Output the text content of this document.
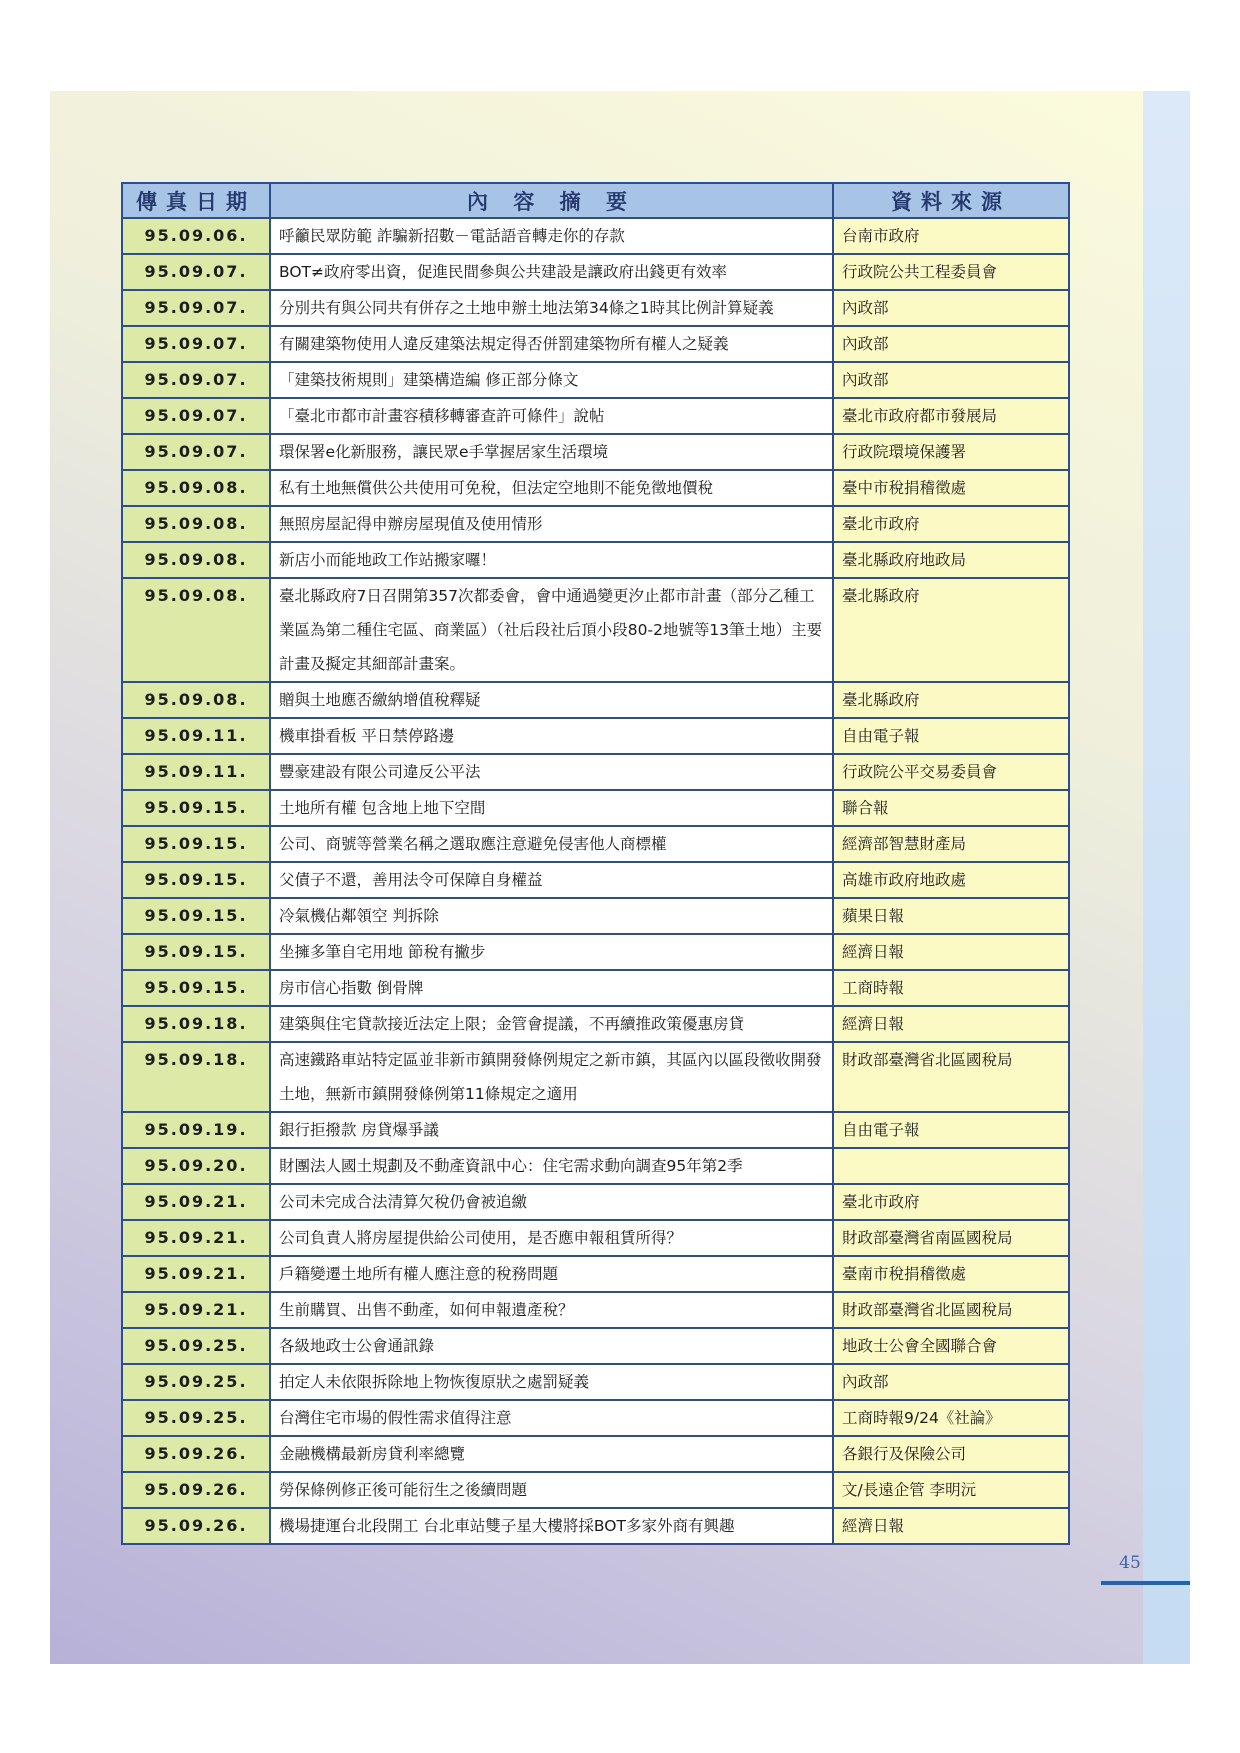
傳真日期	內 容 摘 要	資料來源
95.09.06.	呼籲民眾防範 詐騙新招數－電話語音轉走你的存款	台南市政府
95.09.07.	BOT≠政府零出資，促進民間參與公共建設是讓政府出錢更有效率	行政院公共工程委員會
95.09.07.	分別共有與公同共有併存之土地申辦土地法第34條之1時其比例計算疑義	內政部
95.09.07.	有關建築物使用人違反建築法規定得否併罰建築物所有權人之疑義	內政部
95.09.07.	「建築技術規則」建築構造編 修正部分條文	內政部
95.09.07.	「臺北市都市計畫容積移轉審查許可條件」說帖	臺北市政府都市發展局
95.09.07.	環保署e化新服務，讓民眾e手掌握居家生活環境	行政院環境保護署
95.09.08.	私有土地無償供公共使用可免稅，但法定空地則不能免徵地價稅	臺中市稅捐稽徵處
95.09.08.	無照房屋記得申辦房屋現值及使用情形	臺北市政府
95.09.08.	新店小而能地政工作站搬家囉！	臺北縣政府地政局
95.09.08.	臺北縣政府7日召開第357次都委會，會中通過變更汐止都市計畫（部分乙種工業區為第二種住宅區、商業區）（社后段社后頂小段80-2地號等13筆土地）主要計畫及擬定其細部計畫案。	臺北縣政府
95.09.08.	贈與土地應否繳納增值稅釋疑	臺北縣政府
95.09.11.	機車掛看板 平日禁停路邊	自由電子報
95.09.11.	豐豪建設有限公司違反公平法	行政院公平交易委員會
95.09.15.	土地所有權 包含地上地下空間	聯合報
95.09.15.	公司、商號等營業名稱之選取應注意避免侵害他人商標權	經濟部智慧財產局
95.09.15.	父債子不還，善用法令可保障自身權益	高雄市政府地政處
95.09.15.	冷氣機佔鄰領空 判拆除	蘋果日報
95.09.15.	坐擁多筆自宅用地 節稅有撇步	經濟日報
95.09.15.	房市信心指數 倒骨牌	工商時報
95.09.18.	建築與住宅貸款接近法定上限；金管會提議，不再續推政策優惠房貸	經濟日報
95.09.18.	高速鐵路車站特定區並非新市鎮開發條例規定之新市鎮，其區內以區段徵收開發土地，無新市鎮開發條例第11條規定之適用	財政部臺灣省北區國稅局
95.09.19.	銀行拒撥款 房貸爆爭議	自由電子報
95.09.20.	財團法人國土規劃及不動產資訊中心：住宅需求動向調查95年第2季	
95.09.21.	公司未完成合法清算欠稅仍會被追繳	臺北市政府
95.09.21.	公司負責人將房屋提供給公司使用，是否應申報租賃所得？	財政部臺灣省南區國稅局
95.09.21.	戶籍變遷土地所有權人應注意的稅務問題	臺南市稅捐稽徵處
95.09.21.	生前購買、出售不動產，如何申報遺產稅？	財政部臺灣省北區國稅局
95.09.25.	各級地政士公會通訊錄	地政士公會全國聯合會
95.09.25.	拍定人未依限拆除地上物恢復原狀之處罰疑義	內政部
95.09.25.	台灣住宅市場的假性需求值得注意	工商時報9/24《社論》
95.09.26.	金融機構最新房貸利率總覽	各銀行及保險公司
95.09.26.	勞保條例修正後可能衍生之後續問題	文/長遠企管 李明沅
95.09.26.	機場捷運台北段開工 台北車站雙子星大樓將採BOT多家外商有興趣	經濟日報
45
